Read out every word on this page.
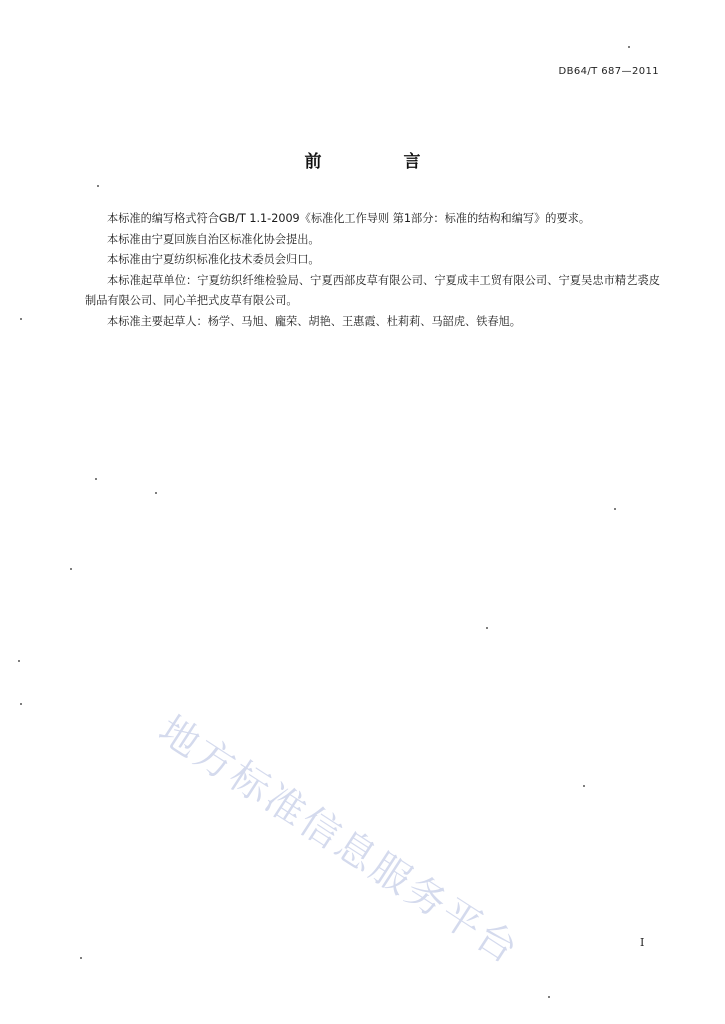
DB64/T 687—2011
前 言

本标准的编写格式符合GB/T 1.1-2009《标准化工作导则 第1部分：标准的结构和编写》的要求。

本标准由宁夏回族自治区标准化协会提出。

本标准由宁夏纺织标准化技术委员会归口。

本标准起草单位：宁夏纺织纤维检验局、宁夏西部皮草有限公司、宁夏成丰工贸有限公司、宁夏吴忠市精艺裘皮制品有限公司、同心羊把式皮草有限公司。

本标准主要起草人：杨学、马旭、龐荣、胡艳、王惠霞、杜莉莉、马韶虎、铁春旭。

地方标准信息服务平台	I
